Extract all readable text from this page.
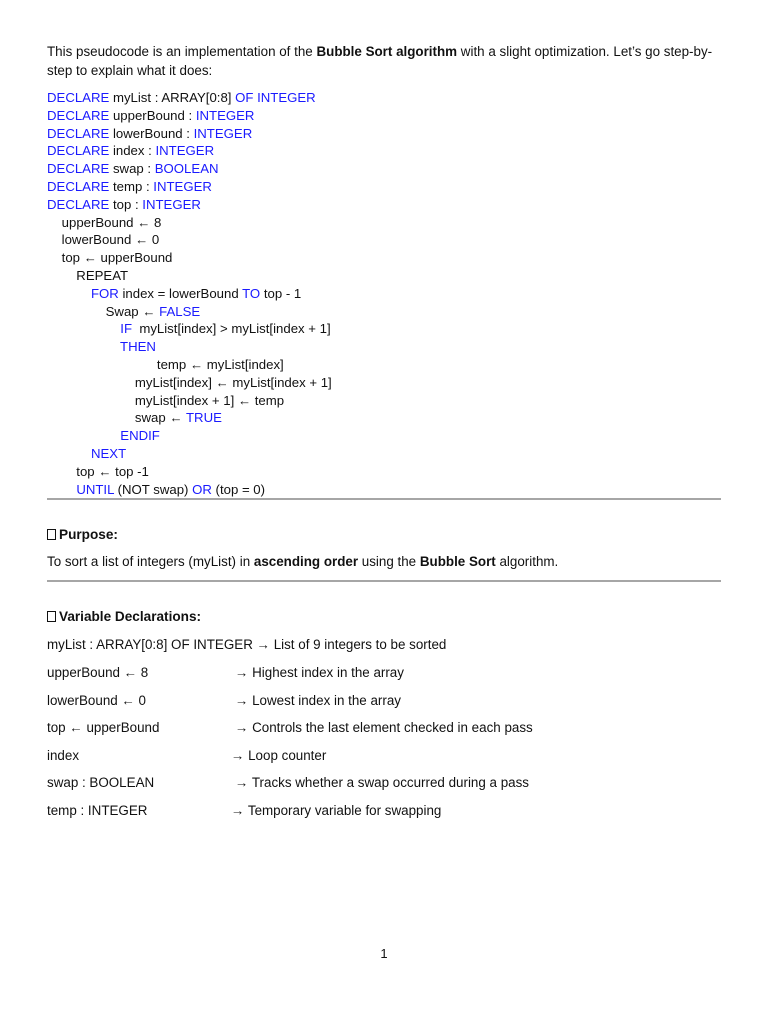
This pseudocode is an implementation of the Bubble Sort algorithm with a slight optimization. Let’s go step-by-step to explain what it does:
DECLARE myList : ARRAY[0:8] OF INTEGER
DECLARE upperBound : INTEGER
DECLARE lowerBound : INTEGER
DECLARE index : INTEGER
DECLARE swap : BOOLEAN
DECLARE temp : INTEGER
DECLARE top : INTEGER
upperBound ← 8
lowerBound ← 0
top ← upperBound
REPEAT
FOR index = lowerBound TO top - 1
Swap ← FALSE
IF  myList[index] > myList[index + 1]
THEN
temp ← myList[index]
myList[index] ← myList[index + 1]
myList[index + 1] ← temp
swap ← TRUE
ENDIF
NEXT
top ← top -1
UNTIL (NOT swap) OR (top = 0)
Purpose:
To sort a list of integers (myList) in ascending order using the Bubble Sort algorithm.
Variable Declarations:
myList : ARRAY[0:8] OF INTEGER → List of 9 integers to be sorted
upperBound ← 8	→ Highest index in the array
lowerBound ← 0	→ Lowest index in the array
top ← upperBound	→ Controls the last element checked in each pass
index	→ Loop counter
swap : BOOLEAN	→ Tracks whether a swap occurred during a pass
temp : INTEGER	→ Temporary variable for swapping
1
